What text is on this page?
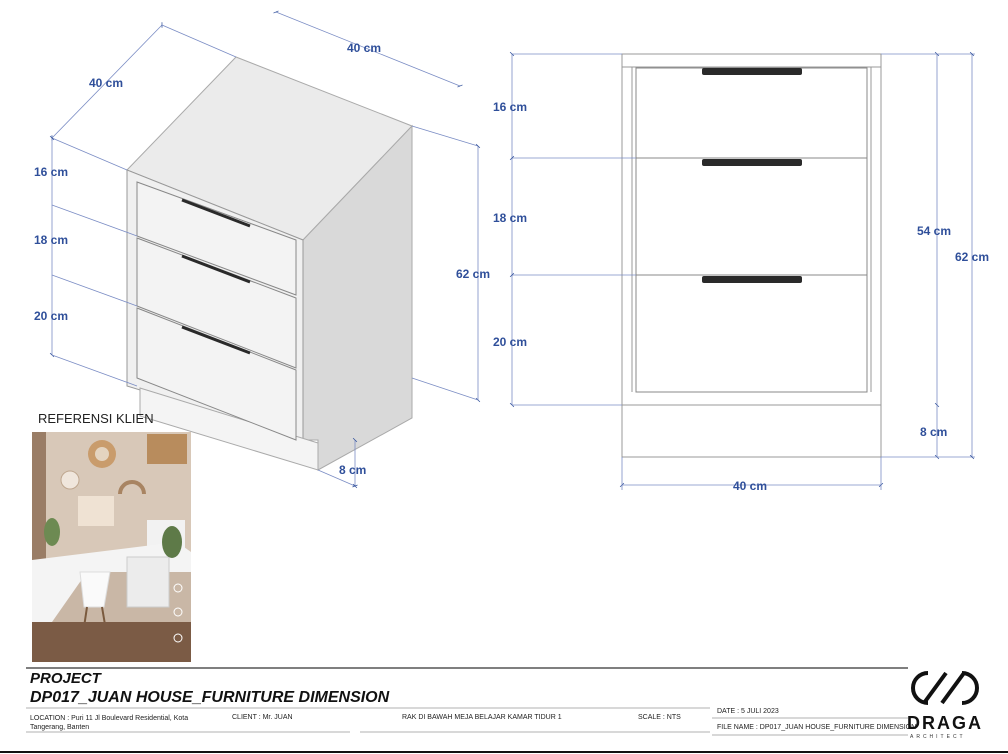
40 cm
40 cm
16 cm
18 cm
20 cm
62 cm
8 cm
16 cm
18 cm
20 cm
54 cm
62 cm
8 cm
40 cm
REFERENSI KLIEN
PROJECT
DP017_JUAN HOUSE_FURNITURE DIMENSION
LOCATION : Puri 11 Jl Boulevard Residential, Kota Tangerang, Banten
CLIENT : Mr. JUAN	RAK DI BAWAH MEJA BELAJAR KAMAR TIDUR 1	SCALE : NTS
DATE : 5 JULI 2023
FILE NAME : DP017_JUAN HOUSE_FURNITURE DIMENSION
DRAGA
ARCHITECT
